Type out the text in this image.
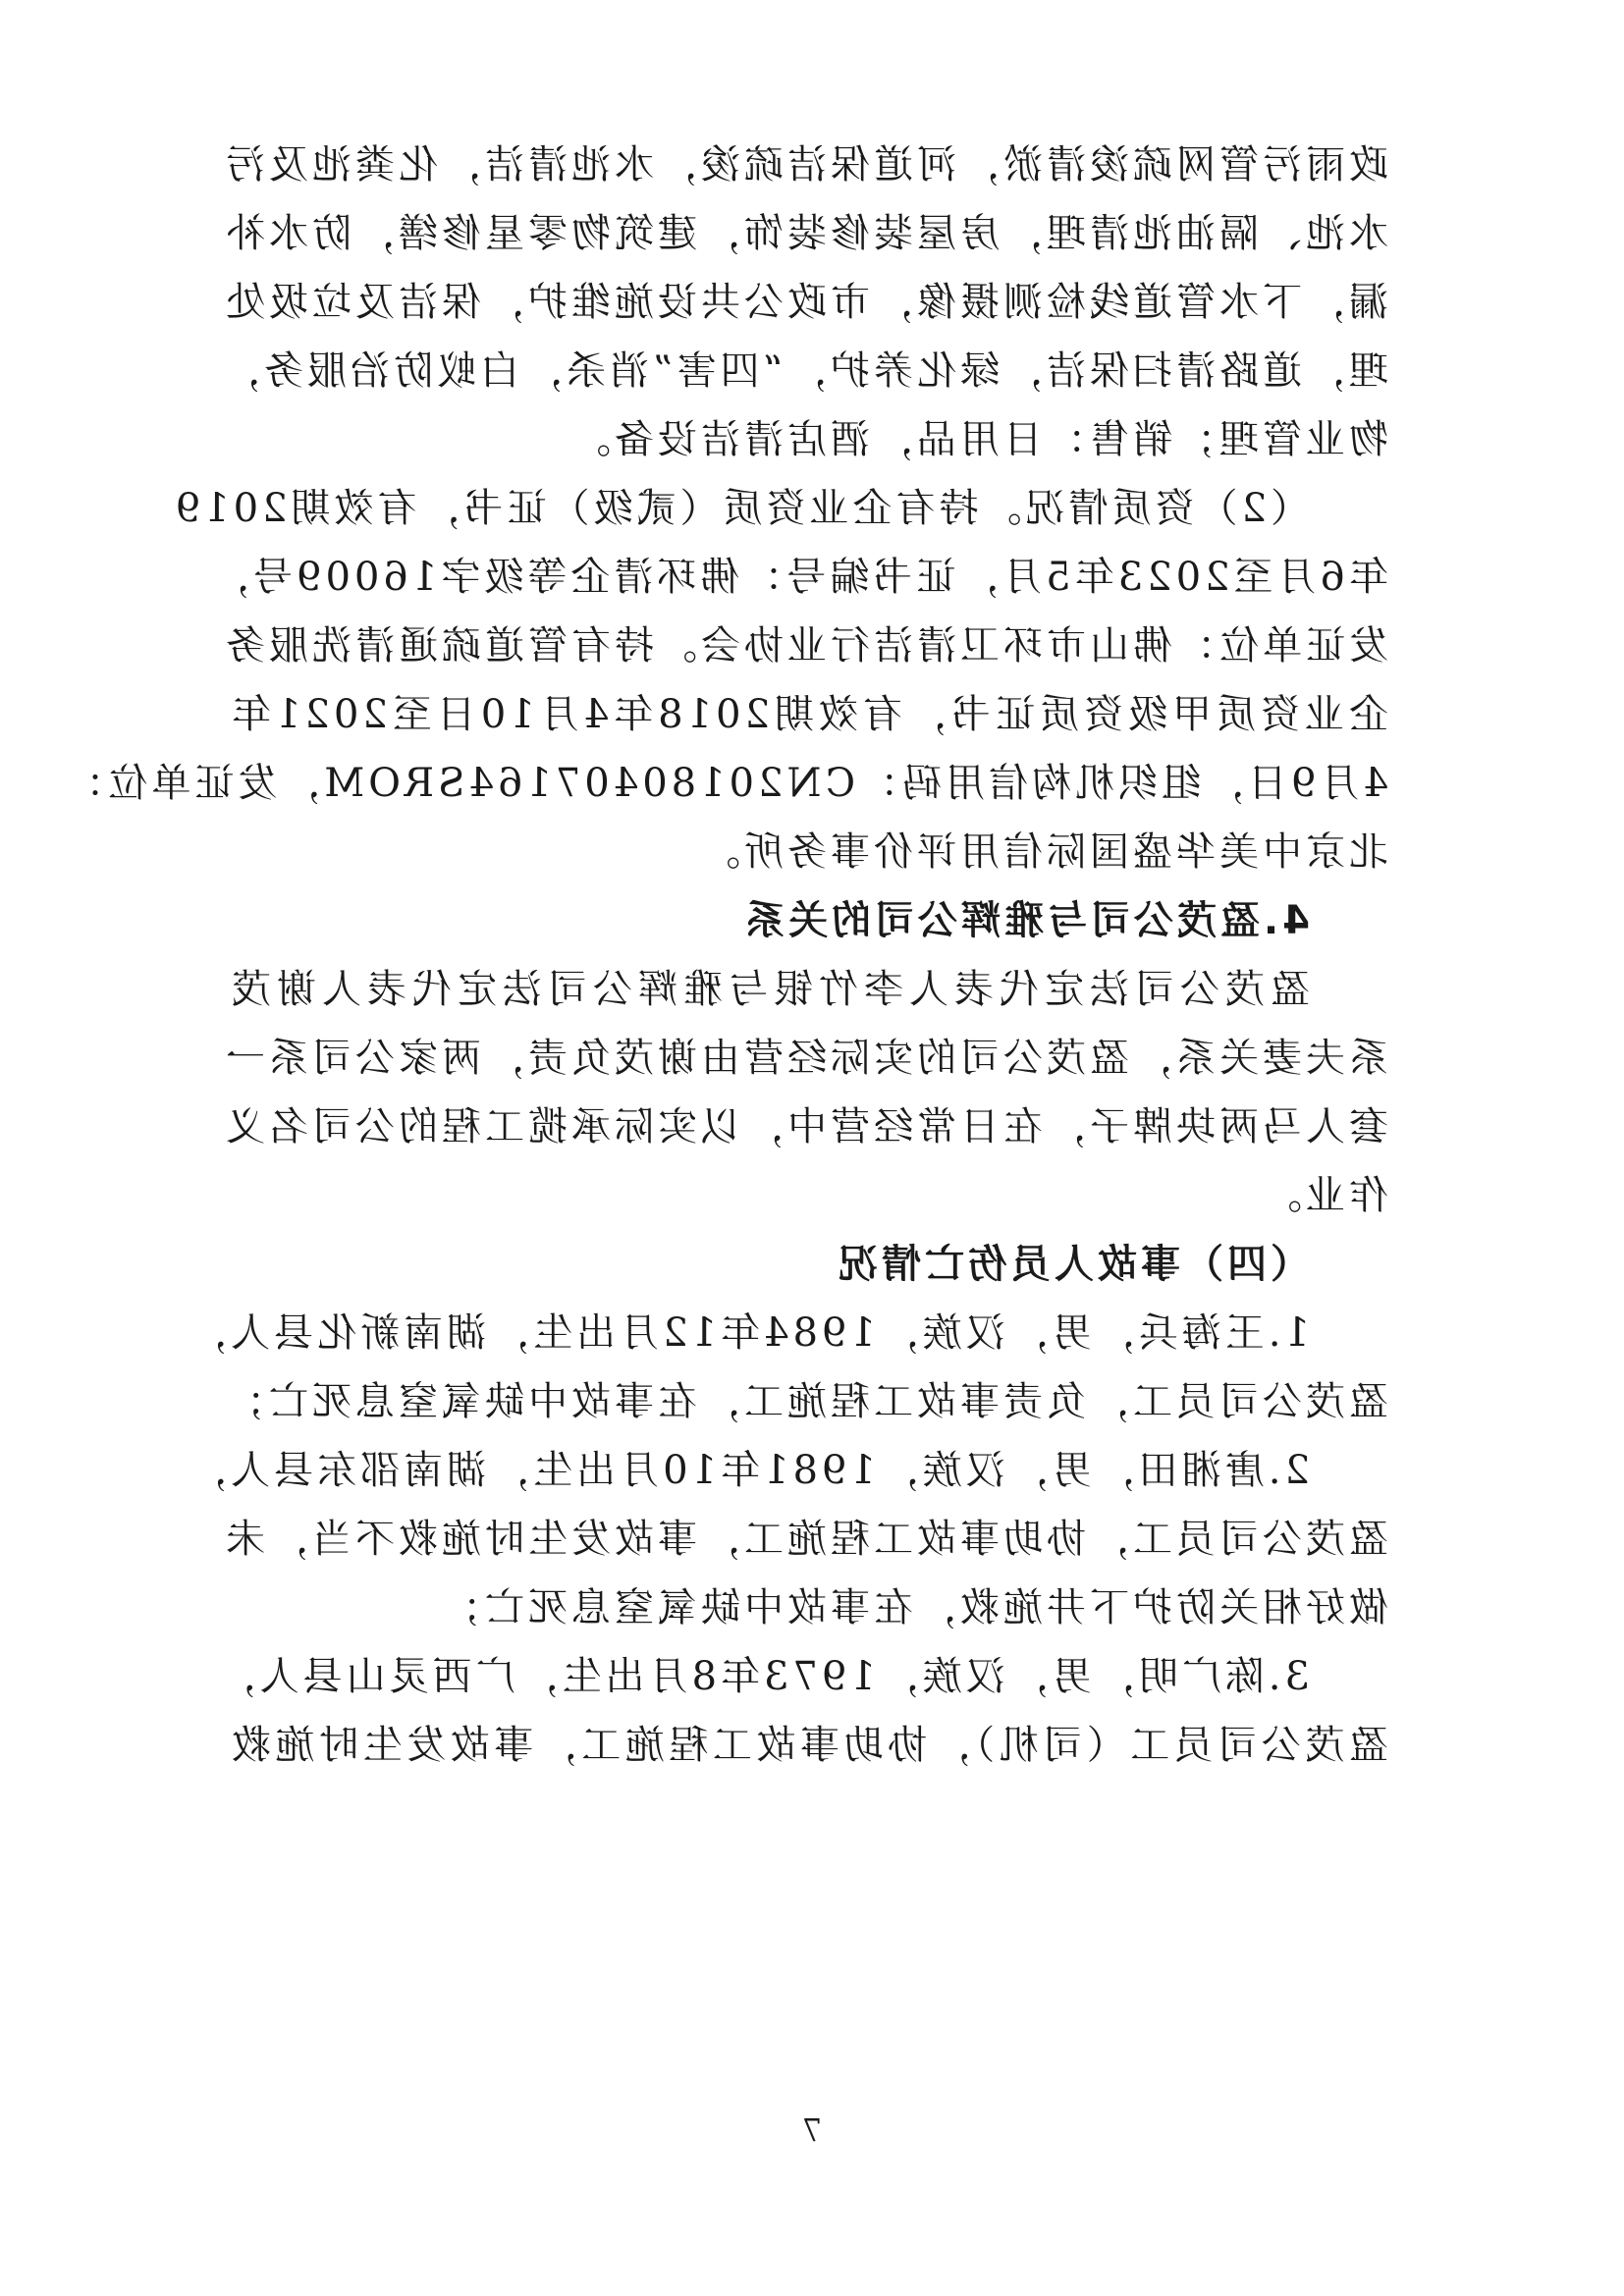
政雨污管网疏浚清淤，河道保洁疏浚，水池清洁，化粪池及污
水池、隔油池清理，房屋装修装饰，建筑物零星修缮，防水补
漏，下水管道线检测摄像，市政公共设施维护，保洁及垃圾处
理，道路清扫保洁，绿化养护，“四害”消杀，白蚁防治服务，
物业管理；销售：日用品，酒店清洁设备。
（2）资质情况。持有企业资质（贰级）证书，有效期2019
年6月至2023年5月，证书编号：佛环清企等级字16009号，
发证单位：佛山市环卫清洁行业协会。持有管道疏通清洗服务
企业资质甲级资质证书，有效期2018年4月10日至2021年
4月9日，组织机构信用码：CN20180407164SROM，发证单位：
北京中美华盛国际信用评价事务所。
4.盈茂公司与雅辉公司的关系
盈茂公司法定代表人李竹银与雅辉公司法定代表人谢茂
系夫妻关系，盈茂公司的实际经营由谢茂负责，两家公司系一
套人马两块牌子，在日常经营中，以实际承揽工程的公司名义
作业。
（四）事故人员伤亡情况
1.王海兵，男，汉族，1984年12月出生，湖南新化县人，
盈茂公司员工，负责事故工程施工，在事故中缺氧窒息死亡；
2.唐湘田，男，汉族，1981年10月出生，湖南邵东县人，
盈茂公司员工，协助事故工程施工，事故发生时施救不当，未
做好相关防护下井施救，在事故中缺氧窒息死亡；
3.陈广明，男，汉族，1973年8月出生，广西灵山县人，
盈茂公司员工（司机），协助事故工程施工，事故发生时施救
7
